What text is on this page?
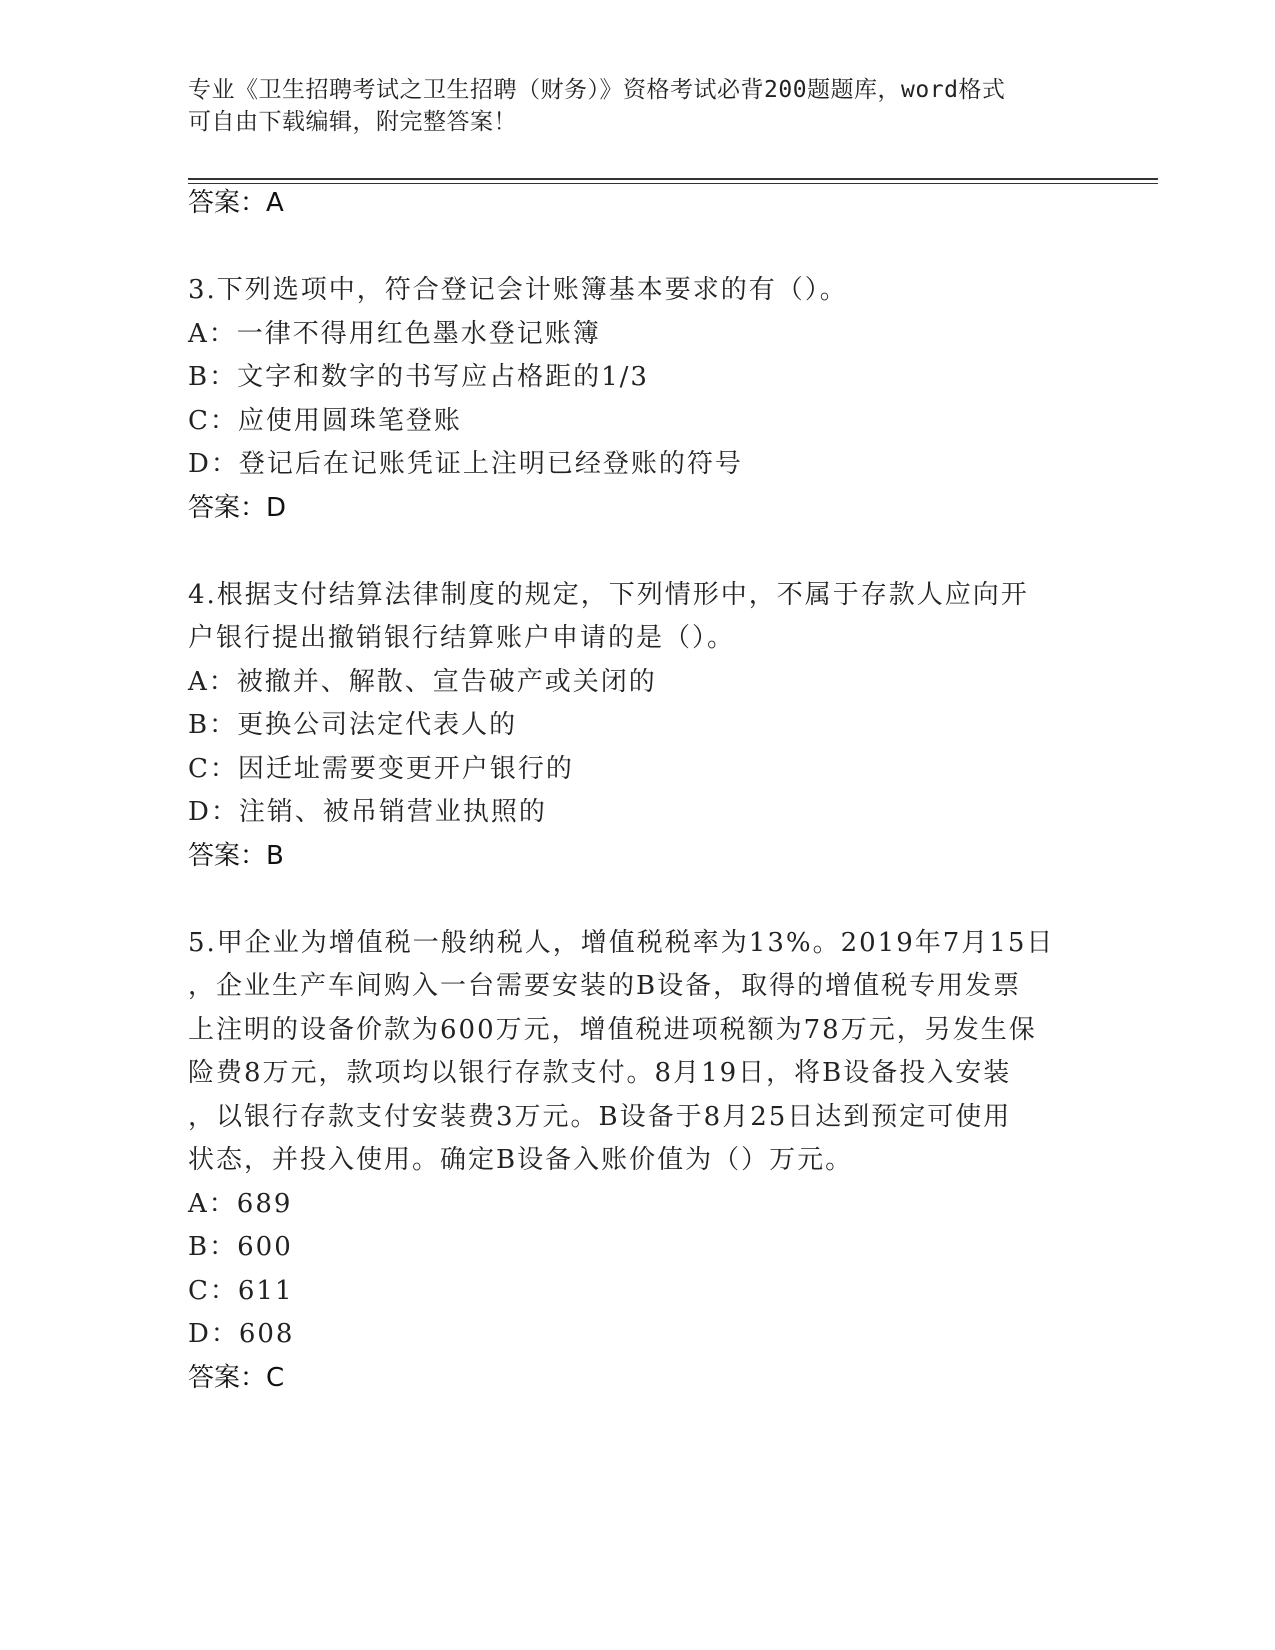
专业《卫生招聘考试之卫生招聘（财务）》资格考试必背200题题库，word格式
可自由下载编辑，附完整答案！
答案：A
3.下列选项中，符合登记会计账簿基本要求的有（）。
A：一律不得用红色墨水登记账簿
B：文字和数字的书写应占格距的1/3
C：应使用圆珠笔登账
D：登记后在记账凭证上注明已经登账的符号
答案：D
4.根据支付结算法律制度的规定，下列情形中，不属于存款人应向开
户银行提出撤销银行结算账户申请的是（）。
A：被撤并、解散、宣告破产或关闭的
B：更换公司法定代表人的
C：因迁址需要变更开户银行的
D：注销、被吊销营业执照的
答案：B
5.甲企业为增值税一般纳税人，增值税税率为13%。2019年7月15日
，企业生产车间购入一台需要安装的B设备，取得的增值税专用发票
上注明的设备价款为600万元，增值税进项税额为78万元，另发生保
险费8万元，款项均以银行存款支付。8月19日，将B设备投入安装
，以银行存款支付安装费3万元。B设备于8月25日达到预定可使用
状态，并投入使用。确定B设备入账价值为（）万元。
A：689
B：600
C：611
D：608
答案：C
